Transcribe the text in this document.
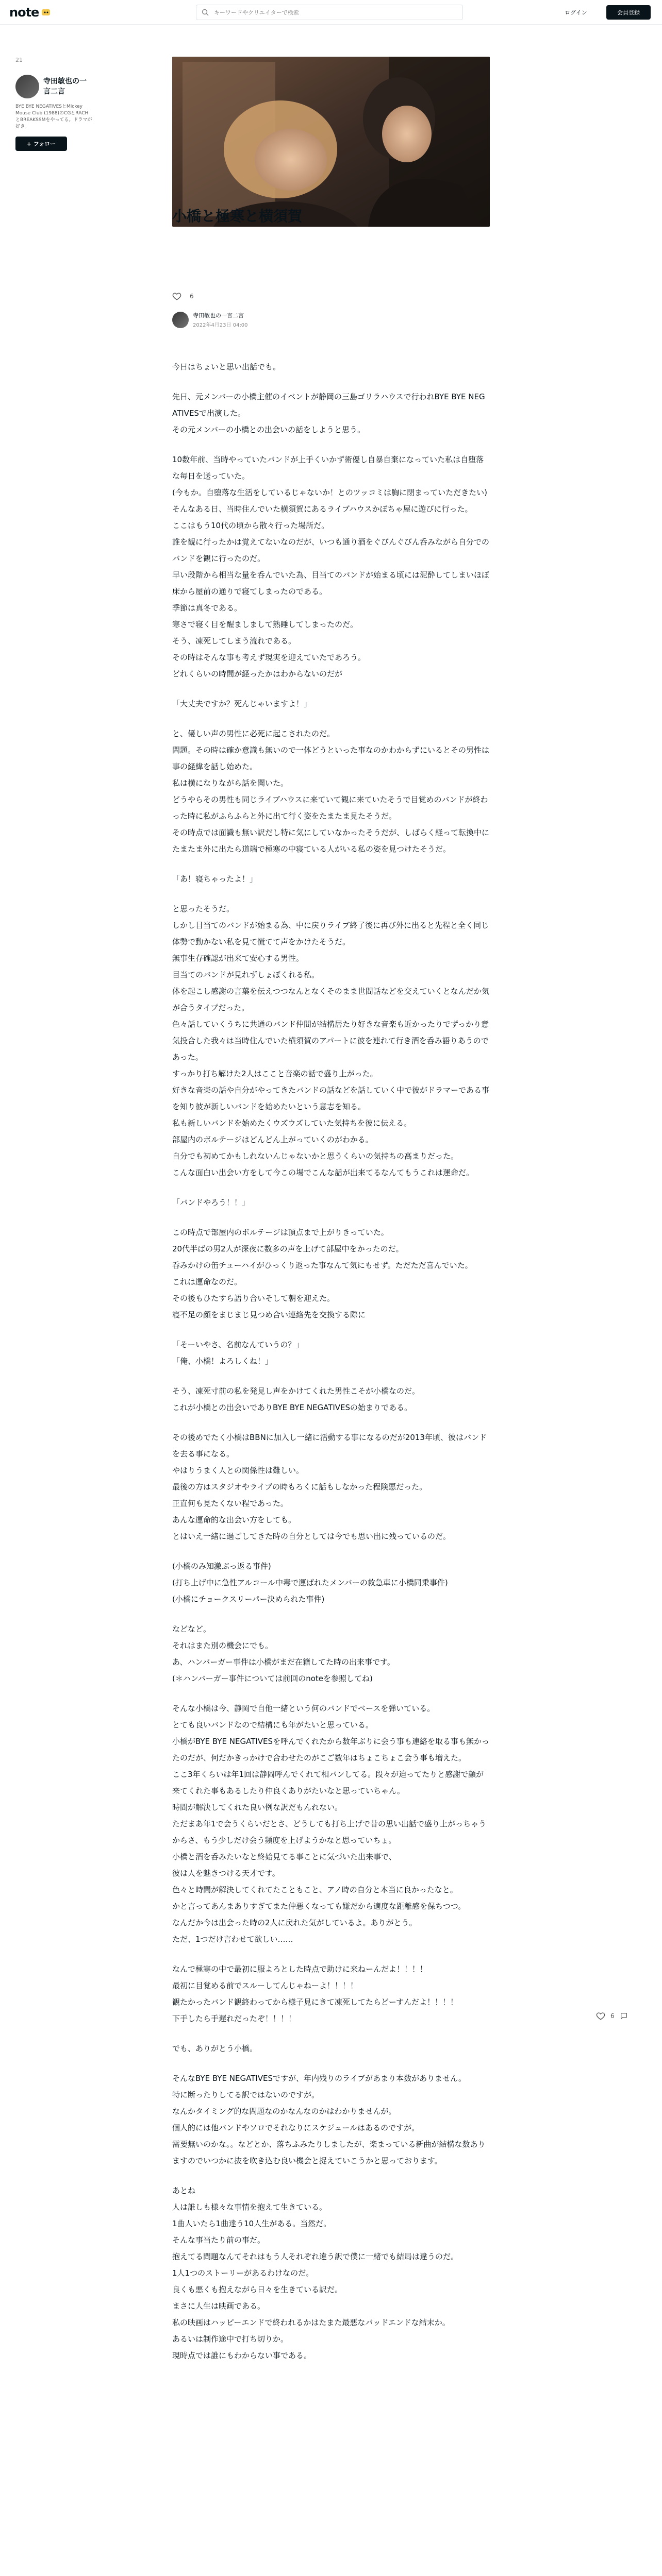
note
キーワードやクリエイターで検索	ログイン	会員登録
21
寺田敏也の一言二言
BYE BYE NEGATIVESとMickey Mouse Club (1988)のCGとRACHとBREAKSSMをやってる。ドラマが好き。
+ フォロー
小橋と極寒と横須賀
6
寺田敏也の一言二言
2022年4月23日 04:00

今日はちょいと思い出話でも。

先日、元メンバーの小橋主催のイベントが静岡の三島ゴリラハウスで行われBYE BYE NEGATIVESで出演した。
その元メンバーの小橋との出会いの話をしようと思う。

10数年前、当時やっていたバンドが上手くいかず術優し自暴自棄になっていた私は自堕落な毎日を送っていた。
(今もか。自堕落な生活をしているじゃないか！とのツッコミは胸に閉まっていただきたい)
そんなある日、当時住んでいた横須賀にあるライブハウスかぼちゃ屋に遊びに行った。
ここはもう10代の頃から散々行った場所だ。
誰を観に行ったかは覚えてないなのだが、いつも通り酒をぐびんぐびん呑みながら自分でのバンドを観に行ったのだ。
早い段階から相当な量を呑んでいた為、目当てのバンドが始まる頃には泥酔してしまいほぼ床から屋前の通りで寝てしまったのである。
季節は真冬である。
寒さで寝く目を醒ましまして熟睡してしまったのだ。
そう、凍死してしまう流れである。
その時はそんな事も考えず現実を迎えていたであろう。
どれくらいの時間が経ったかはわからないのだが

「大丈夫ですか？死んじゃいますよ！」

と、優しい声の男性に必死に起こされたのだ。
問題。その時は確か意識も無いので一体どうといった事なのかわからずにいるとその男性は事の経緯を話し始めた。
私は横になりながら話を聞いた。
どうやらその男性も同じライブハウスに来ていて観に来ていたそうで目覚めのバンドが終わった時に私がふらふらと外に出て行く姿をたまたま見たそうだ。
その時点では面識も無い訳だし特に気にしていなかったそうだが、しばらく経って転換中にたまたま外に出たら道端で極寒の中寝ている人がいる私の姿を見つけたそうだ。

「あ！寝ちゃったよ！」

と思ったそうだ。
しかし目当てのバンドが始まる為、中に戻りライブ終了後に再び外に出ると先程と全く同じ体勢で動かない私を見て慌てて声をかけたそうだ。
無事生存確認が出来て安心する男性。
目当てのバンドが見れずしょぼくれる私。
体を起こし感謝の言葉を伝えつつなんとなくそのまま世間話などを交えていくとなんだか気が合うタイプだった。
色々話していくうちに共通のバンド仲間が結構居たり好きな音楽も近かったりでずっかり意気投合した我々は当時住んでいた横須賀のアパートに彼を連れて行き酒を呑み語りあうのであった。
すっかり打ち解けた2人はここと音楽の話で盛り上がった。
好きな音楽の話や自分がやってきたバンドの話などを話していく中で彼がドラマーである事を知り彼が新しいバンドを始めたいという意志を知る。
私も新しいバンドを始めたくウズウズしていた気持ちを彼に伝える。
部屋内のボルテージはどんどん上がっていくのがわかる。
自分でも初めてかもしれないんじゃないかと思うくらいの気持ちの高まりだった。
こんな面白い出会い方をして今この場でこんな話が出来てるなんてもうこれは運命だ。

「バンドやろう！！」

この時点で部屋内のボルテージは頂点まで上がりきっていた。
20代半ばの男2人が深夜に数多の声を上げて部屋中をかったのだ。
呑みかけの缶チューハイがひっくり返った事なんて気にもせず。ただただ喜んでいた。
これは運命なのだ。
その後もひたすら語り合いそして朝を迎えた。
寝不足の顔をまじまじ見つめ合い連絡先を交換する際に

「そーいやさ、名前なんていうの？」
「俺、小橋！よろしくね！」

そう、凍死寸前の私を発見し声をかけてくれた男性こそが小橋なのだ。
これが小橋との出会いでありBYE BYE NEGATIVESの始まりである。

その後めでたく小橋はBBNに加入し一緒に活動する事になるのだが2013年頃、彼はバンドを去る事になる。
やはりうまく人との関係性は難しい。
最後の方はスタジオやライブの時もろくに話もしなかった程険悪だった。
正直何も見たくない程であった。
あんな運命的な出会い方をしても。
とはいえ一緒に過ごしてきた時の自分としては今でも思い出に残っているのだ。

(小橋のみ知激ぶっ返る事件)
(打ち上げ中に急性アルコール中毒で運ばれたメンバーの救急車に小橋同乗事件)
(小橋にチョークスリーパー決められた事件)

などなど。
それはまた別の機会にでも。
あ、ハンバーガー事件は小橋がまだ在籍してた時の出来事です。
(＊ハンバーガー事件については前回のnoteを参照してね)

そんな小橋は今、静岡で自他一緒という何のバンドでベースを弾いている。
とても良いバンドなので結構にも年がたいと思っている。
小橋がBYE BYE NEGATIVESを呼んでくれたから数年ぶりに会う事も連絡を取る事も無かったのだが、何だかきっかけで合わせたのがこご数年はちょこちょこ会う事も増えた。
ここ3年くらいは年1回は静岡呼んでくれて相バンしてる。段々が迫ってたりと感謝で顔が来てくれた事もあるしたり仲良くありがたいなと思っていちゃん。
時間が解決してくれた良い例な訳だもんれない。
ただまあ年1で会うくらいだとさ、どうしても打ち上げで昔の思い出話で盛り上がっちゃうからさ、もう少しだけ会う頻度を上げようかなと思っていちょ。
小橋と酒を呑みたいなと終始見てる事ことに気づいた出来事で、
彼は人を魅きつける天才です。
色々と時間が解決してくれてたこともこと、アノ時の自分と本当に良かったなと。
かと言ってあんまありすぎてまた仲悪くなっても嫌だから適度な距離感を保ちつつ。
なんだか今は出会った時の2人に戻れた気がしているよ。ありがとう。
ただ、1つだけ言わせて欲しい……

なんで極寒の中で最初に服よろとした時点で助けに来ねーんだよ！！！！
最初に目覚める前でスルーしてんじゃねーよ！！！！
観たかったバンド観終わってから様子見にきて凍死してたらどーすんだよ！！！！
下手したら手遅れだったぞ！！！！

でも、ありがとう小橋。

そんなBYE BYE NEGATIVESですが、年内残りのライブがあまり本数がありません。
特に断ったりしてる訳ではないのですが。
なんかタイミング的な問題なのかなんなのかはわかりませんが。
個人的には他バンドやソロでそれなりにスケジュールはあるのですが。
需要無いのかな。。などとか、落ちふみたりしましたが、楽まっている新曲が結構な数ありますのでいつかに抜を吹き込む良い機会と捉えていこうかと思っております。

あとね
人は誰しも様々な事情を抱えて生きている。
1曲人いたら1曲達う10人生がある。当然だ。
そんな事当たり前の事だ。
抱えてる問題なんてそれはもう人それぞれ違う訳で僕に一緒でも結局は違うのだ。
1人1つのストーリーがあるわけなのだ。
良くも悪くも抱えながら日々を生きている訳だ。
まさに人生は映画である。
私の映画はハッピーエンドで終われるかはたまた最悪なバッドエンドな結末か。
あるいは制作途中で打ち切りか。
現時点では誰にもわからない事である。

6
